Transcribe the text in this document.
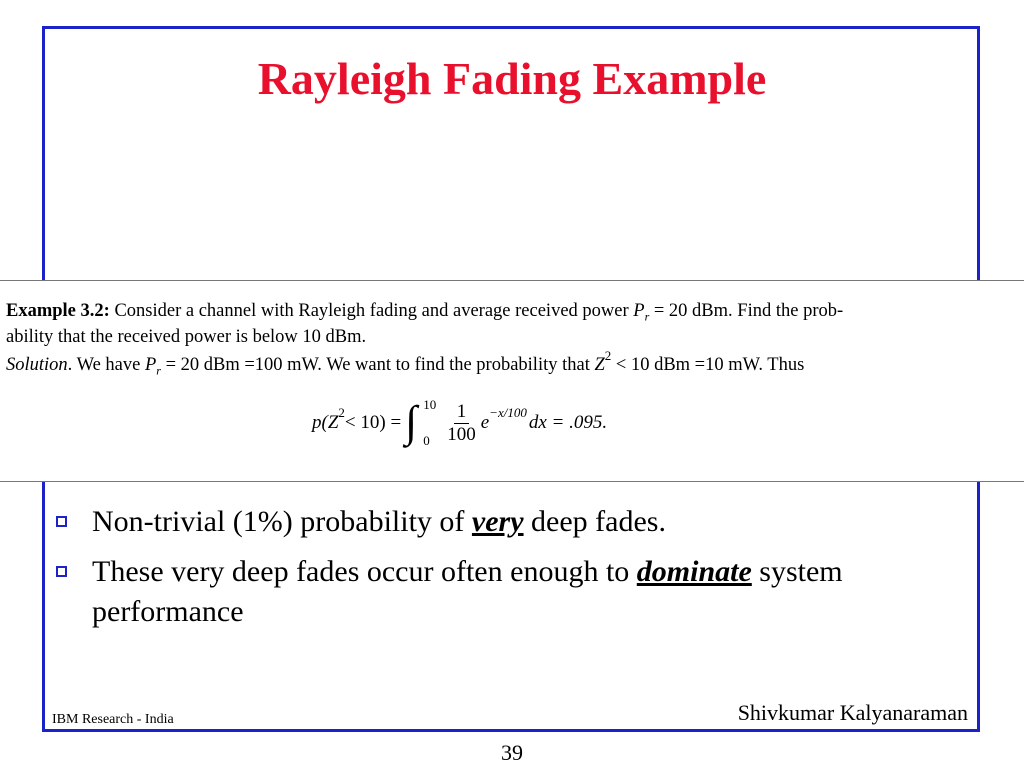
Rayleigh Fading Example
Example 3.2: Consider a channel with Rayleigh fading and average received power $P_r = 20$ dBm. Find the prob-
ability that the received power is below 10 dBm.
Solution. We have $P_r = 20$ dBm =100 mW. We want to find the probability that $Z^2 < 10$ dBm =10 mW. Thus
p(Z 2 < 10) = ∫ 10
$0 \frac{1}{100}$ e −x/100 dx = .095.
Non-trivial (1%) probability of very deep fades.
These very deep fades occur often enough to dominate system performance
IBM Research - India	Shivkumar Kalyanaraman
39
